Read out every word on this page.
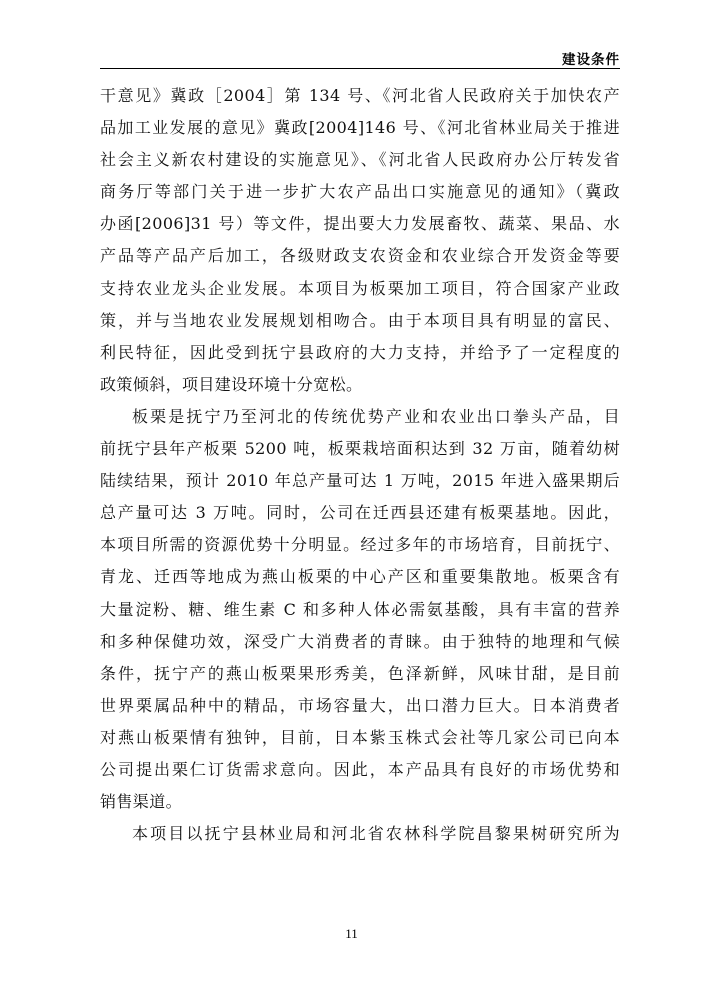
建设条件
干意见》冀政［2004］第 134 号、《河北省人民政府关于加快农产
品加工业发展的意见》冀政[2004]146 号、《河北省林业局关于推进
社会主义新农村建设的实施意见》、《河北省人民政府办公厅转发省
商务厅等部门关于进一步扩大农产品出口实施意见的通知》（冀政
办函[2006]31 号）等文件，提出要大力发展畜牧、蔬菜、果品、水
产品等产品产后加工，各级财政支农资金和农业综合开发资金等要
支持农业龙头企业发展。本项目为板栗加工项目，符合国家产业政
策，并与当地农业发展规划相吻合。由于本项目具有明显的富民、
利民特征，因此受到抚宁县政府的大力支持，并给予了一定程度的
政策倾斜，项目建设环境十分宽松。
板栗是抚宁乃至河北的传统优势产业和农业出口拳头产品，目
前抚宁县年产板栗 5200 吨，板栗栽培面积达到 32 万亩，随着幼树
陆续结果，预计 2010 年总产量可达 1 万吨，2015 年进入盛果期后
总产量可达 3 万吨。同时，公司在迁西县还建有板栗基地。因此，
本项目所需的资源优势十分明显。经过多年的市场培育，目前抚宁、
青龙、迁西等地成为燕山板栗的中心产区和重要集散地。板栗含有
大量淀粉、糖、维生素 C 和多种人体必需氨基酸，具有丰富的营养
和多种保健功效，深受广大消费者的青睐。由于独特的地理和气候
条件，抚宁产的燕山板栗果形秀美，色泽新鲜，风味甘甜，是目前
世界栗属品种中的精品，市场容量大，出口潜力巨大。日本消费者
对燕山板栗情有独钟，目前，日本紫玉株式会社等几家公司已向本
公司提出栗仁订货需求意向。因此，本产品具有良好的市场优势和
销售渠道。
本项目以抚宁县林业局和河北省农林科学院昌黎果树研究所为
11
